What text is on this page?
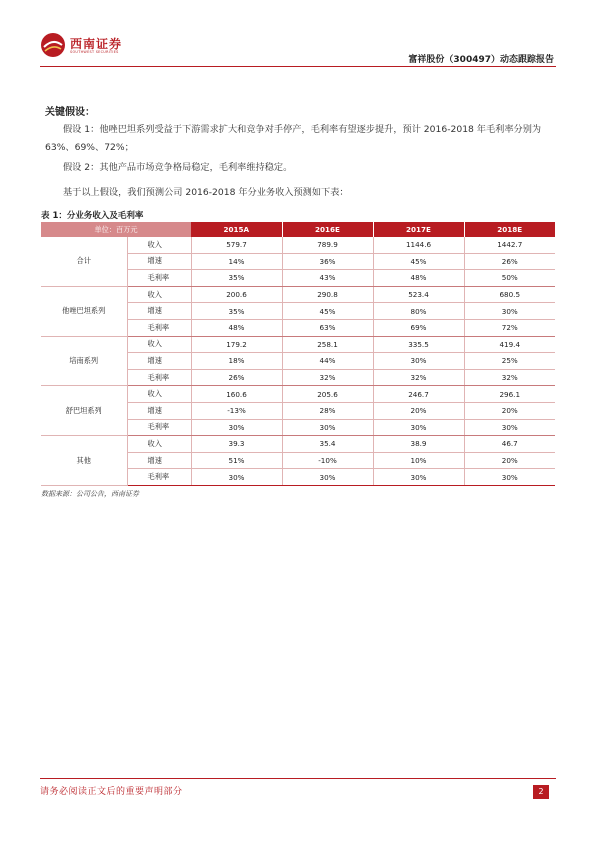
西南证券
SOUTHWEST SECURITIES
富祥股份（300497）动态跟踪报告
关键假设：
假设 1：他唑巴坦系列受益于下游需求扩大和竞争对手停产，毛利率有望逐步提升，预计 2016-2018 年毛利率分别为 63%、69%、72%；
假设 2：其他产品市场竞争格局稳定，毛利率维持稳定。
基于以上假设，我们预测公司 2016-2018 年分业务收入预测如下表：
表 1：分业务收入及毛利率
单位：百万元		2015A	2016E	2017E	2018E
合计	收入	579.7	789.9	1144.6	1442.7
	增速	14%	36%	45%	26%
	毛利率	35%	43%	48%	50%
他唑巴坦系列	收入	200.6	290.8	523.4	680.5
	增速	35%	45%	80%	30%
	毛利率	48%	63%	69%	72%
培南系列	收入	179.2	258.1	335.5	419.4
	增速	18%	44%	30%	25%
	毛利率	26%	32%	32%	32%
舒巴坦系列	收入	160.6	205.6	246.7	296.1
	增速	-13%	28%	20%	20%
	毛利率	30%	30%	30%	30%
其他	收入	39.3	35.4	38.9	46.7
	增速	51%	-10%	10%	20%
	毛利率	30%	30%	30%	30%
数据来源：公司公告，西南证券
请务必阅读正文后的重要声明部分	2
